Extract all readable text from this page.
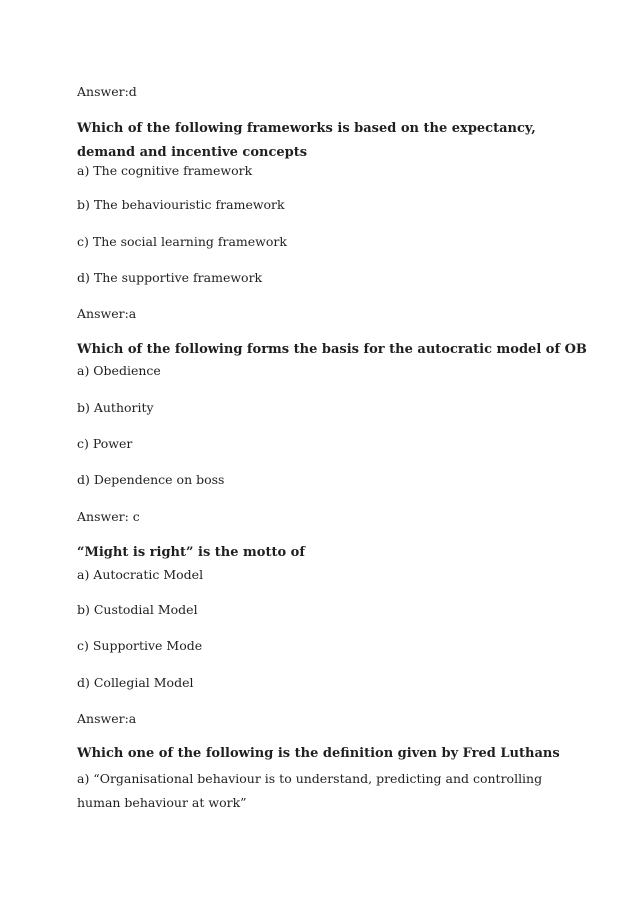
Answer:d
Which of the following frameworks is based on the expectancy, demand and incentive concepts
a) The cognitive framework
b) The behaviouristic framework
c) The social learning framework
d) The supportive framework
Answer:a
Which of the following forms the basis for the autocratic model of OB
a) Obedience
b) Authority
c) Power
d) Dependence on boss
Answer: c
“Might is right” is the motto of
a) Autocratic Model
b) Custodial Model
c) Supportive Mode
d) Collegial Model
Answer:a
Which one of the following is the definition given by Fred Luthans
a) “Organisational behaviour is to understand, predicting and controlling human behaviour at work”
